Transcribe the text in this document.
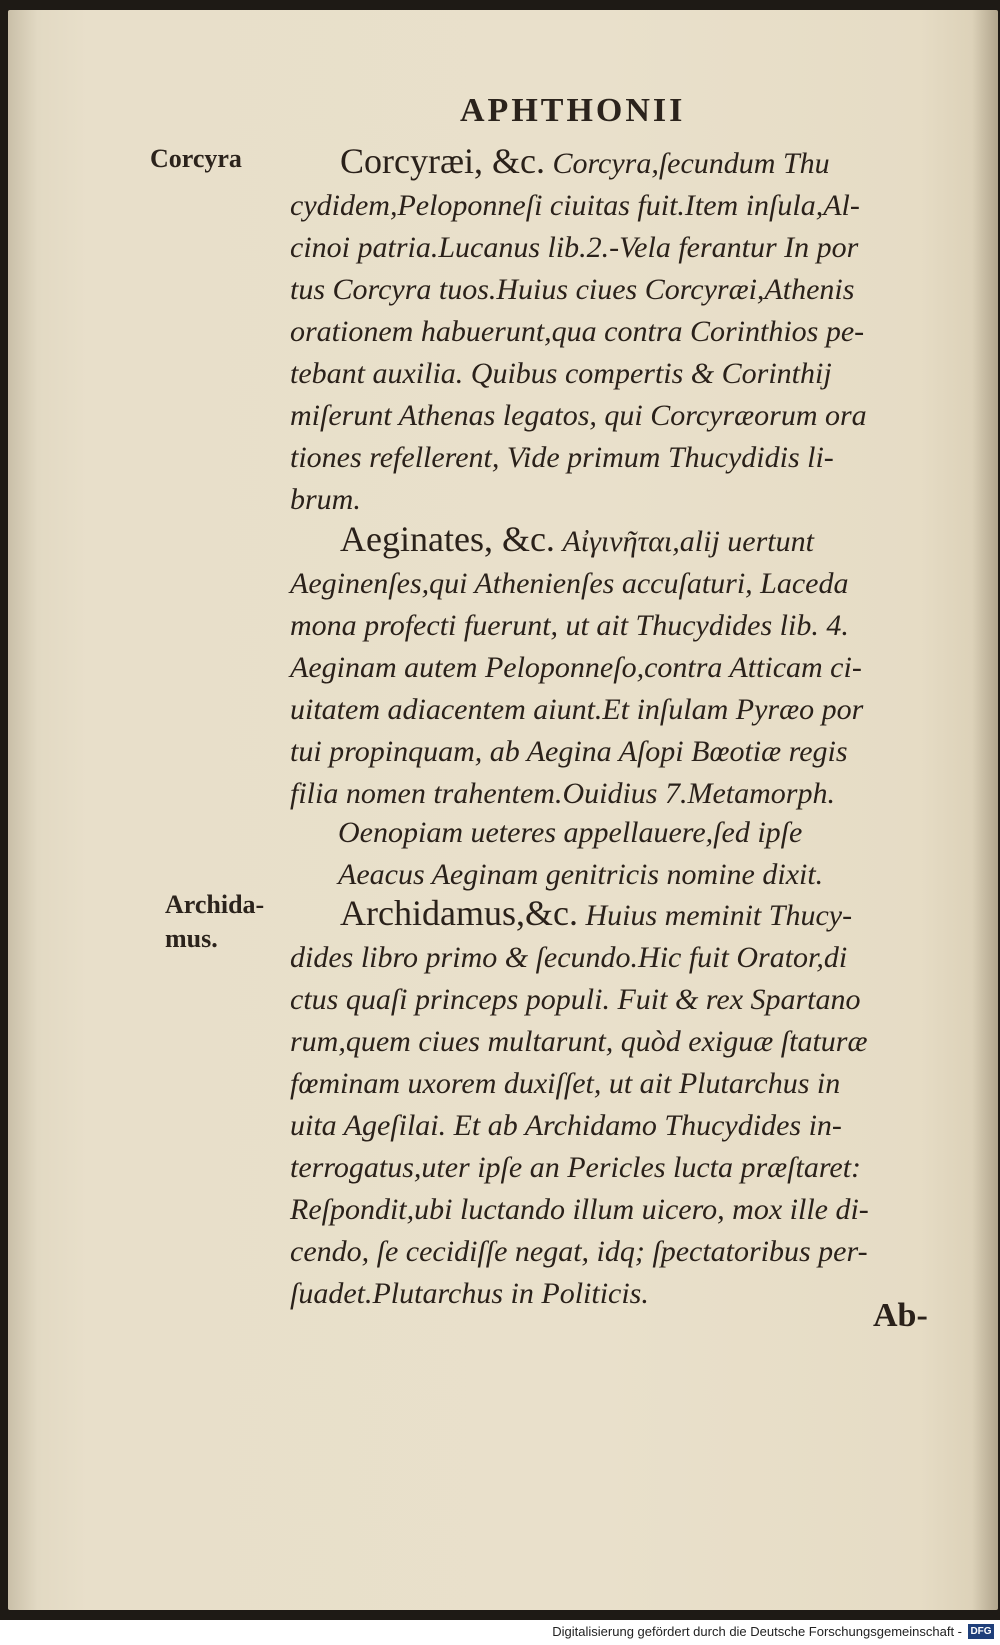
APHTHONII
Corcyra
Archida-
mus.
Corcyræi, &c. Corcyra,ſecundum Thu
cydidem,Peloponneſi ciuitas fuit.Item inſula,Al-
cinoi patria.Lucanus lib.2.-Vela ferantur In por
tus Corcyra tuos.Huius ciues Corcyræi,Athenis
orationem habuerunt,qua contra Corinthios pe-
tebant auxilia. Quibus compertis & Corinthij
miſerunt Athenas legatos, qui Corcyræorum ora
tiones refellerent, Vide primum Thucydidis li-
brum.
Aeginates, &c. Αἰγινῆται,alij uertunt
Aeginenſes,qui Athenienſes accuſaturi, Laceda
mona profecti fuerunt, ut ait Thucydides lib. 4.
Aeginam autem Peloponneſo,contra Atticam ci-
uitatem adiacentem aiunt.Et inſulam Pyræo por
tui propinquam, ab Aegina Aſopi Bœotiæ regis
filia nomen trahentem.Ouidius 7.Metamorph.
Oenopiam ueteres appellauere,ſed ipſe
Aeacus Aeginam genitricis nomine dixit.
Archidamus,&c. Huius meminit Thucy-
dides libro primo & ſecundo.Hic fuit Orator,di
ctus quaſi princeps populi. Fuit & rex Spartano
rum,quem ciues multarunt, quòd exiguæ ſtaturæ
fœminam uxorem duxiſſet, ut ait Plutarchus in
uita Ageſilai. Et ab Archidamo Thucydides in-
terrogatus,uter ipſe an Pericles lucta præſtaret:
Reſpondit,ubi luctando illum uicero, mox ille di-
cendo, ſe cecidiſſe negat, idq; ſpectatoribus per-
ſuadet.Plutarchus in Politicis.
Ab-
Digitalisierung gefördert durch die Deutsche Forschungsgemeinschaft - DFG
